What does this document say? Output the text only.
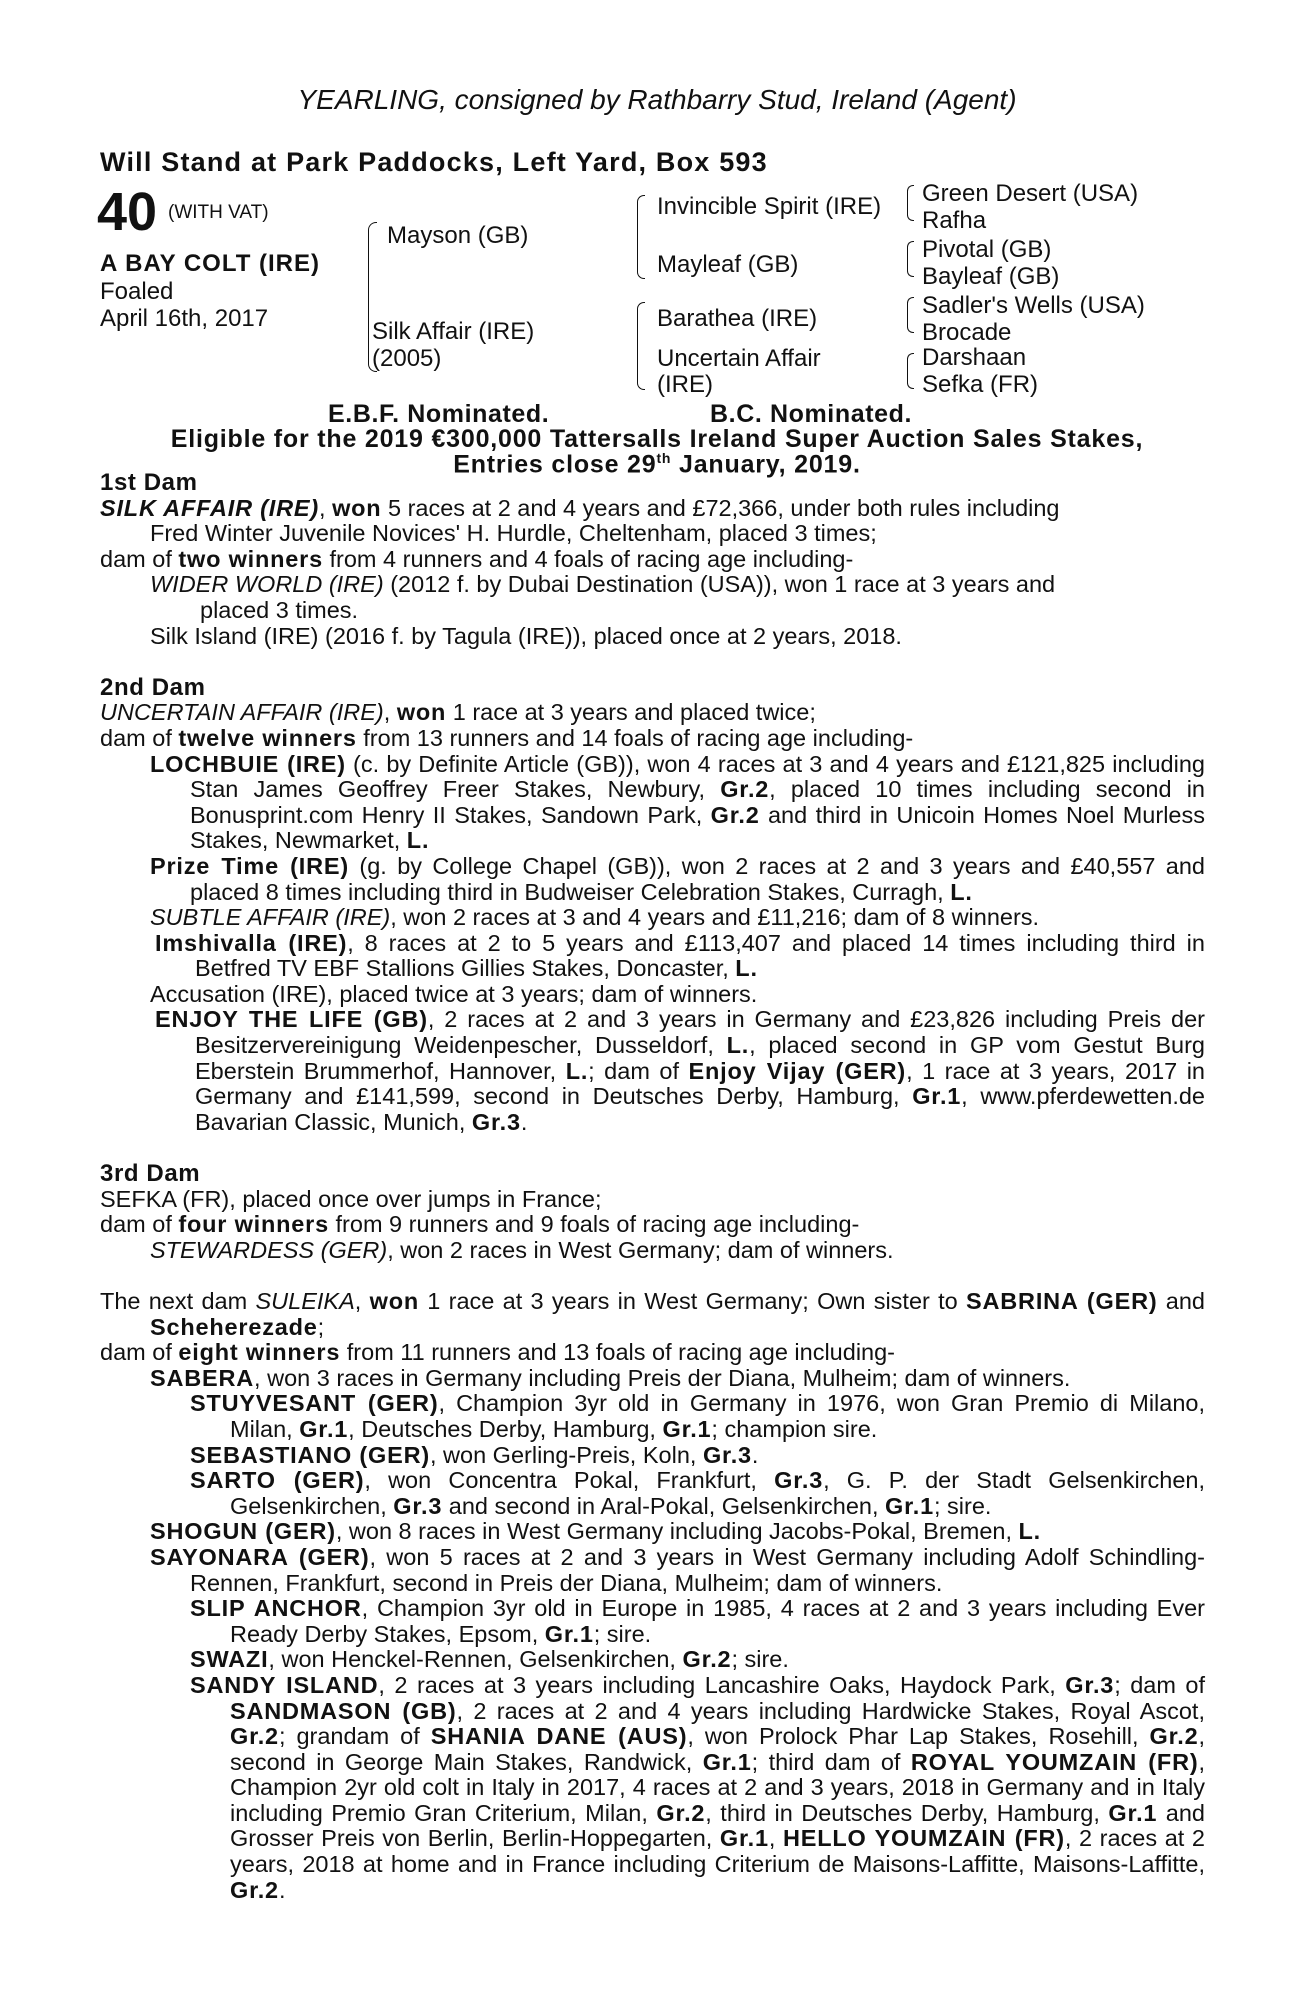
YEARLING, consigned by Rathbarry Stud, Ireland (Agent)
Will Stand at Park Paddocks, Left Yard, Box 593
40 (WITH VAT)
A BAY COLT (IRE)
Foaled
April 16th, 2017
Mayson (GB)
Silk Affair (IRE)
(2005)
Invincible Spirit (IRE)
Mayleaf (GB)
Barathea (IRE)
Uncertain Affair
(IRE)
Green Desert (USA)
Rafha
Pivotal (GB)
Bayleaf (GB)
Sadler's Wells (USA)
Brocade
Darshaan
Sefka (FR)
E.B.F. Nominated.	B.C. Nominated.
Eligible for the 2019 €300,000 Tattersalls Ireland Super Auction Sales Stakes,
Entries close 29th January, 2019.
1st Dam
SILK AFFAIR (IRE), won 5 races at 2 and 4 years and £72,366, under both rules including
Fred Winter Juvenile Novices' H. Hurdle, Cheltenham, placed 3 times;
dam of two winners from 4 runners and 4 foals of racing age including-
WIDER WORLD (IRE) (2012 f. by Dubai Destination (USA)), won 1 race at 3 years and
placed 3 times.
Silk Island (IRE) (2016 f. by Tagula (IRE)), placed once at 2 years, 2018.
2nd Dam
UNCERTAIN AFFAIR (IRE), won 1 race at 3 years and placed twice;
dam of twelve winners from 13 runners and 14 foals of racing age including-
LOCHBUIE (IRE) (c. by Definite Article (GB)), won 4 races at 3 and 4 years and £121,825 including Stan James Geoffrey Freer Stakes, Newbury, Gr.2, placed 10 times including second in Bonusprint.com Henry II Stakes, Sandown Park, Gr.2 and third in Unicoin Homes Noel Murless Stakes, Newmarket, L.
Prize Time (IRE) (g. by College Chapel (GB)), won 2 races at 2 and 3 years and £40,557 and placed 8 times including third in Budweiser Celebration Stakes, Curragh, L.
SUBTLE AFFAIR (IRE), won 2 races at 3 and 4 years and £11,216; dam of 8 winners.
Imshivalla (IRE), 8 races at 2 to 5 years and £113,407 and placed 14 times including third in Betfred TV EBF Stallions Gillies Stakes, Doncaster, L.
Accusation (IRE), placed twice at 3 years; dam of winners.
ENJOY THE LIFE (GB), 2 races at 2 and 3 years in Germany and £23,826 including Preis der Besitzervereinigung Weidenpescher, Dusseldorf, L., placed second in GP vom Gestut Burg Eberstein Brummerhof, Hannover, L.; dam of Enjoy Vijay (GER), 1 race at 3 years, 2017 in Germany and £141,599, second in Deutsches Derby, Hamburg, Gr.1, www.pferdewetten.de Bavarian Classic, Munich, Gr.3.
3rd Dam
SEFKA (FR), placed once over jumps in France;
dam of four winners from 9 runners and 9 foals of racing age including-
STEWARDESS (GER), won 2 races in West Germany; dam of winners.
The next dam SULEIKA, won 1 race at 3 years in West Germany; Own sister to SABRINA (GER) and Scheherezade;
dam of eight winners from 11 runners and 13 foals of racing age including-
SABERA, won 3 races in Germany including Preis der Diana, Mulheim; dam of winners.
STUYVESANT (GER), Champion 3yr old in Germany in 1976, won Gran Premio di Milano, Milan, Gr.1, Deutsches Derby, Hamburg, Gr.1; champion sire.
SEBASTIANO (GER), won Gerling-Preis, Koln, Gr.3.
SARTO (GER), won Concentra Pokal, Frankfurt, Gr.3, G. P. der Stadt Gelsenkirchen, Gelsenkirchen, Gr.3 and second in Aral-Pokal, Gelsenkirchen, Gr.1; sire.
SHOGUN (GER), won 8 races in West Germany including Jacobs-Pokal, Bremen, L.
SAYONARA (GER), won 5 races at 2 and 3 years in West Germany including Adolf Schindling-Rennen, Frankfurt, second in Preis der Diana, Mulheim; dam of winners.
SLIP ANCHOR, Champion 3yr old in Europe in 1985, 4 races at 2 and 3 years including Ever Ready Derby Stakes, Epsom, Gr.1; sire.
SWAZI, won Henckel-Rennen, Gelsenkirchen, Gr.2; sire.
SANDY ISLAND, 2 races at 3 years including Lancashire Oaks, Haydock Park, Gr.3; dam of SANDMASON (GB), 2 races at 2 and 4 years including Hardwicke Stakes, Royal Ascot, Gr.2; grandam of SHANIA DANE (AUS), won Prolock Phar Lap Stakes, Rosehill, Gr.2, second in George Main Stakes, Randwick, Gr.1; third dam of ROYAL YOUMZAIN (FR), Champion 2yr old colt in Italy in 2017, 4 races at 2 and 3 years, 2018 in Germany and in Italy including Premio Gran Criterium, Milan, Gr.2, third in Deutsches Derby, Hamburg, Gr.1 and Grosser Preis von Berlin, Berlin-Hoppegarten, Gr.1, HELLO YOUMZAIN (FR), 2 races at 2 years, 2018 at home and in France including Criterium de Maisons-Laffitte, Maisons-Laffitte, Gr.2.
